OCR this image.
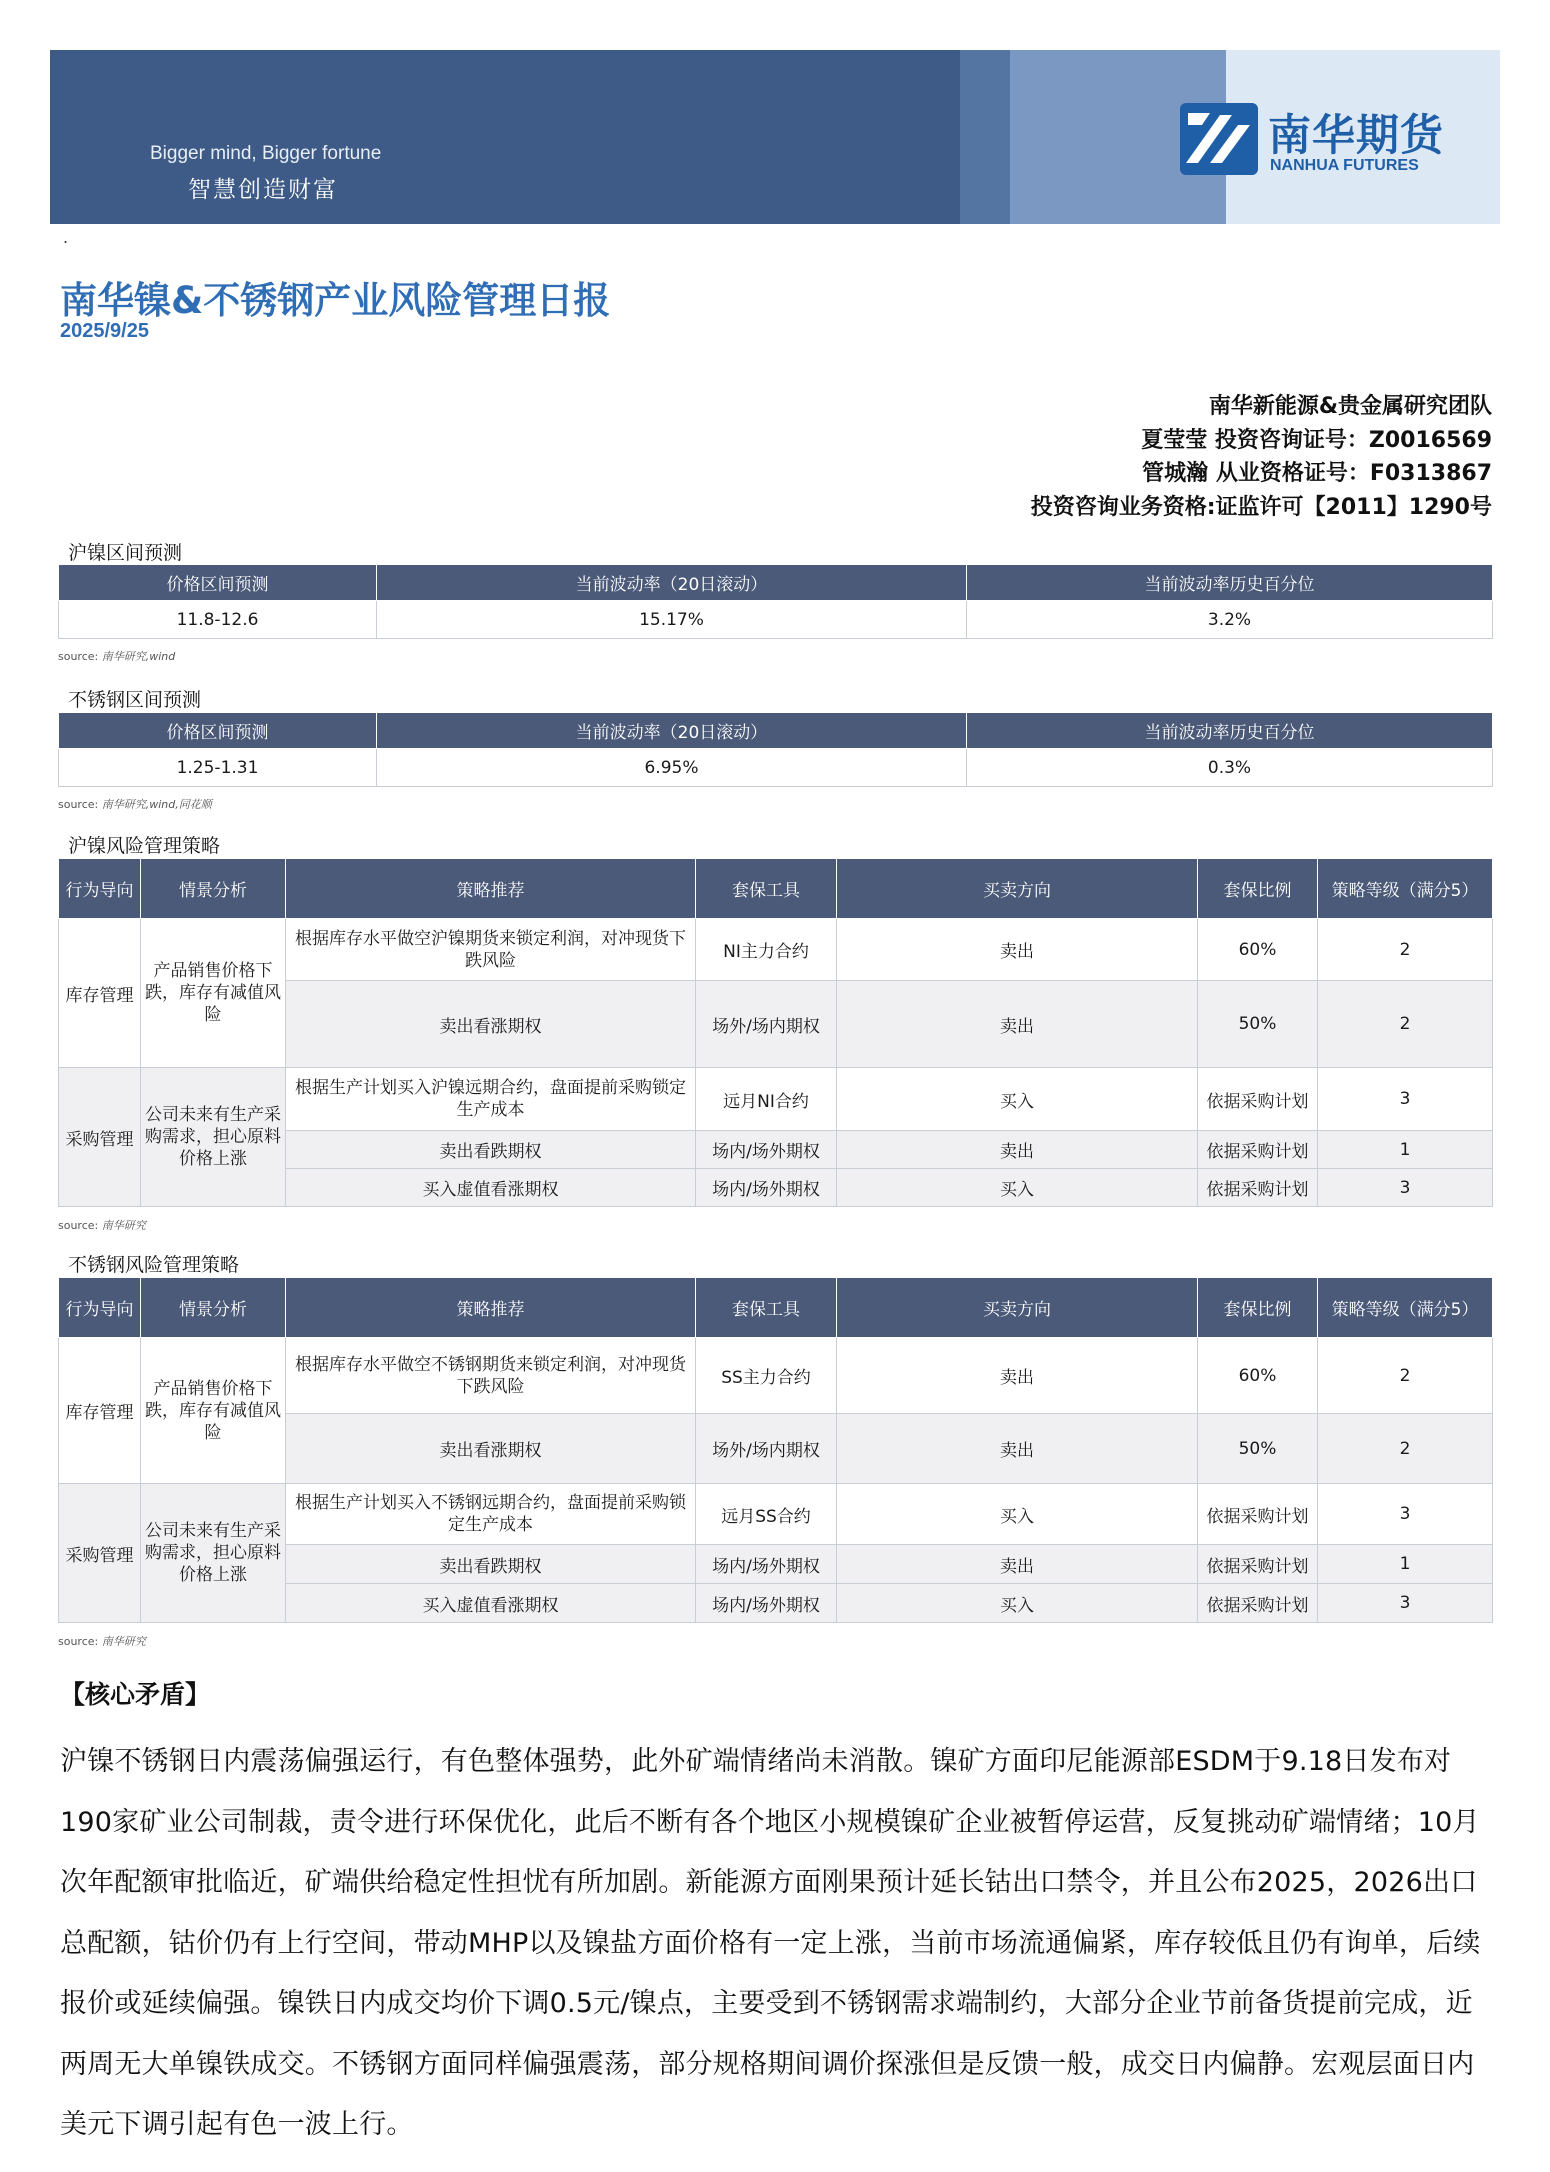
Bigger mind, Bigger fortune
智慧创造财富
南华期货
NANHUA FUTURES
.
南华镍&不锈钢产业风险管理日报
2025/9/25
南华新能源&贵金属研究团队
夏莹莹 投资咨询证号：Z0016569
管城瀚 从业资格证号：F0313867
投资咨询业务资格:证监许可【2011】1290号
沪镍区间预测
价格区间预测	当前波动率（20日滚动）	当前波动率历史百分位
11.8-12.6	15.17%	3.2%
source: 南华研究,wind
不锈钢区间预测
价格区间预测	当前波动率（20日滚动）	当前波动率历史百分位
1.25-1.31	6.95%	0.3%
source: 南华研究,wind,同花顺
沪镍风险管理策略
行为导向	情景分析	策略推荐	套保工具	买卖方向	套保比例	策略等级（满分5）
库存管理	产品销售价格下跌，库存有减值风险	根据库存水平做空沪镍期货来锁定利润，对冲现货下跌风险	NI主力合约	卖出	60%	2
		卖出看涨期权	场外/场内期权	卖出	50%	2
采购管理	公司未来有生产采购需求，担心原料价格上涨	根据生产计划买入沪镍远期合约，盘面提前采购锁定生产成本	远月NI合约	买入	依据采购计划	3
		卖出看跌期权	场内/场外期权	卖出	依据采购计划	1
		买入虚值看涨期权	场内/场外期权	买入	依据采购计划	3
source: 南华研究
不锈钢风险管理策略
行为导向	情景分析	策略推荐	套保工具	买卖方向	套保比例	策略等级（满分5）
库存管理	产品销售价格下跌，库存有减值风险	根据库存水平做空不锈钢期货来锁定利润，对冲现货下跌风险	SS主力合约	卖出	60%	2
		卖出看涨期权	场外/场内期权	卖出	50%	2
采购管理	公司未来有生产采购需求，担心原料价格上涨	根据生产计划买入不锈钢远期合约，盘面提前采购锁定生产成本	远月SS合约	买入	依据采购计划	3
		卖出看跌期权	场内/场外期权	卖出	依据采购计划	1
		买入虚值看涨期权	场内/场外期权	买入	依据采购计划	3
source: 南华研究
【核心矛盾】

沪镍不锈钢日内震荡偏强运行，有色整体强势，此外矿端情绪尚未消散。镍矿方面印尼能源部ESDM于9.18日发布对190家矿业公司制裁，责令进行环保优化，此后不断有各个地区小规模镍矿企业被暂停运营，反复挑动矿端情绪；10月次年配额审批临近，矿端供给稳定性担忧有所加剧。新能源方面刚果预计延长钴出口禁令，并且公布2025，2026出口总配额，钴价仍有上行空间，带动MHP以及镍盐方面价格有一定上涨，当前市场流通偏紧，库存较低且仍有询单，后续报价或延续偏强。镍铁日内成交均价下调0.5元/镍点，主要受到不锈钢需求端制约，大部分企业节前备货提前完成，近两周无大单镍铁成交。不锈钢方面同样偏强震荡，部分规格期间调价探涨但是反馈一般，成交日内偏静。宏观层面日内美元下调引起有色一波上行。
